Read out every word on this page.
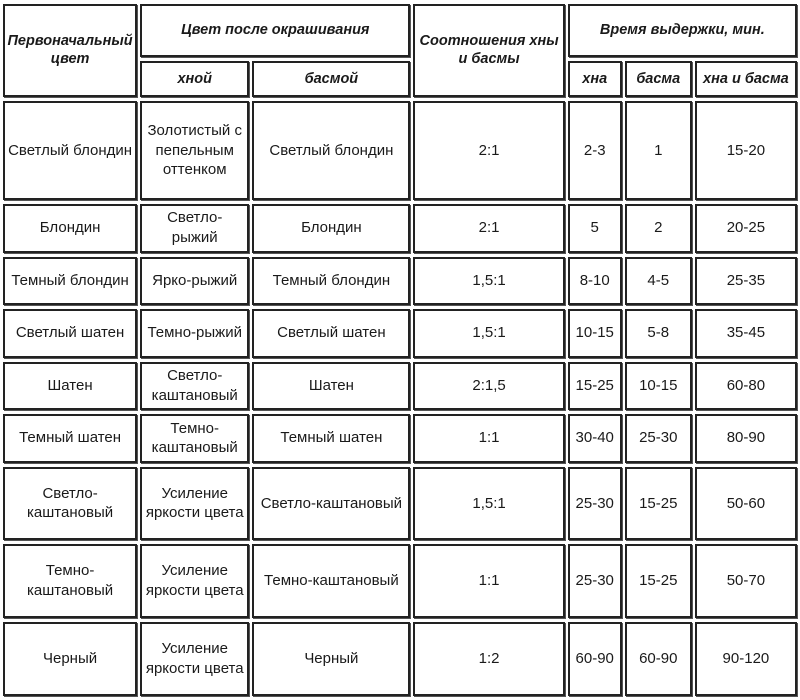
Первоначальный цвет	Цвет после окрашивания		Соотношения хны и басмы	Время выдержки, мин.		
	хной	басмой		хна	басма	хна и басма
Светлый блондин	Золотистый с пепельным оттенком	Светлый блондин	2:1	2-3	1	15-20
Блондин	Светло-рыжий	Блондин	2:1	5	2	20-25
Темный блондин	Ярко-рыжий	Темный блондин	1,5:1	8-10	4-5	25-35
Светлый шатен	Темно-рыжий	Светлый шатен	1,5:1	10-15	5-8	35-45
Шатен	Светло-каштановый	Шатен	2:1,5	15-25	10-15	60-80
Темный шатен	Темно-каштановый	Темный шатен	1:1	30-40	25-30	80-90
Светло-каштановый	Усиление яркости цвета	Светло-каштановый	1,5:1	25-30	15-25	50-60
Темно-каштановый	Усиление яркости цвета	Темно-каштановый	1:1	25-30	15-25	50-70
Черный	Усиление яркости цвета	Черный	1:2	60-90	60-90	90-120
